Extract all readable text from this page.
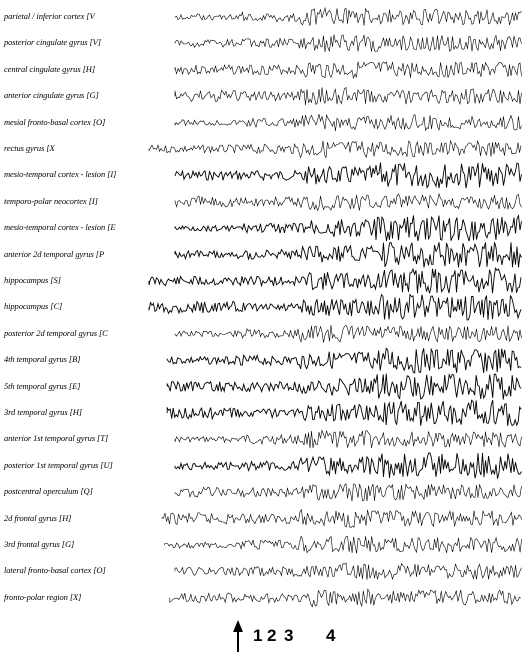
parietal / inferior cortex [V
posterior cingulate gyrus [V]
central cingulate gyrus [H]
anterior cingulate gyrus [G]
mesial fronto-basal cortex [O]
rectus gyrus [X
mesio-temporal cortex - lesion [I]
temporo-polar neocortex [I]
mesio-temporal cortex - lesion [E
anterior 2d temporal gyrus [P
hippocampus [S]
hippocampus [C]
posterior 2d temporal gyrus [C
4th temporal gyrus [B]
5th temporal gyrus [E]
3rd temporal gyrus [H]
anterior 1st temporal gyrus [T]
posterior 1st temporal gyrus [U]
postcentral operculum [Q]
2d frontal gyrus [H]
3rd frontal gyrus [G]
lateral fronto-basal cortex [O]
fronto-polar region [X]
1 2 3 4
